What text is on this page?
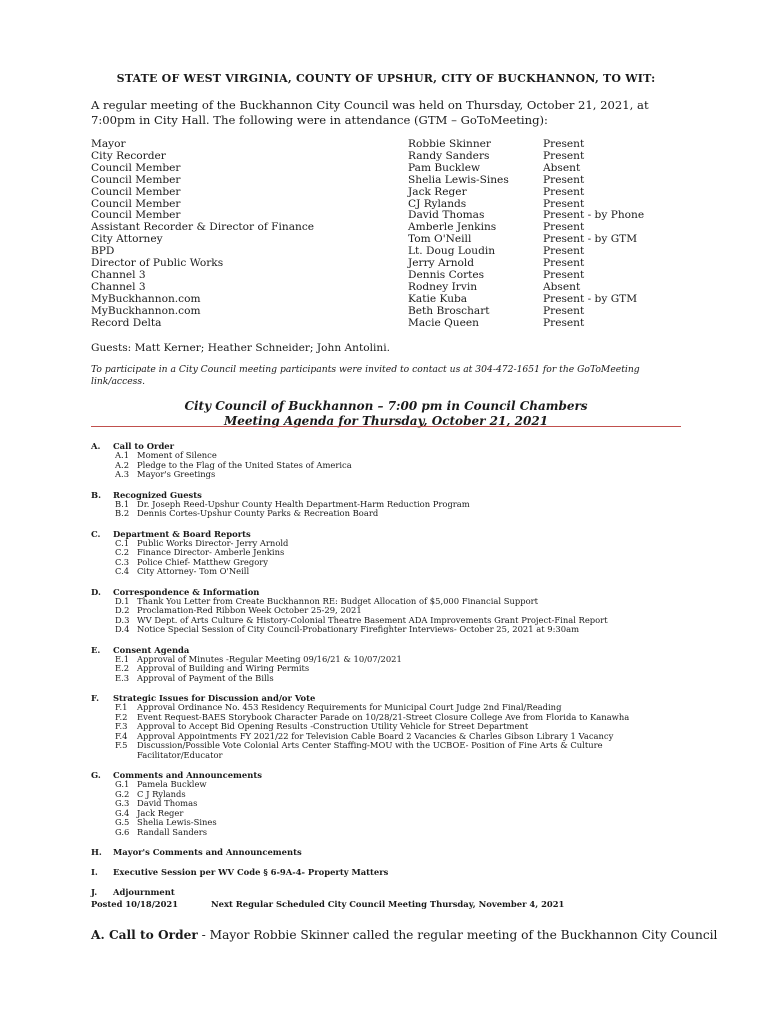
STATE OF WEST VIRGINIA, COUNTY OF UPSHUR, CITY OF BUCKHANNON, TO WIT:
A regular meeting of the Buckhannon City Council was held on Thursday, October 21, 2021, at 7:00pm in City Hall. The following were in attendance (GTM – GoToMeeting):
Mayor
City Recorder
Council Member
Council Member
Council Member
Council Member
Council Member
Assistant Recorder & Director of Finance
City Attorney
BPD
Director of Public Works
Channel 3
Channel 3
MyBuckhannon.com
MyBuckhannon.com
Record Delta
Robbie Skinner
Randy Sanders
Pam Bucklew
Shelia Lewis-Sines
Jack Reger
CJ Rylands
David Thomas
Amberle Jenkins
Tom O'Neill
Lt. Doug Loudin
Jerry Arnold
Dennis Cortes
Rodney Irvin
Katie Kuba
Beth Broschart
Macie Queen
Present
Present
Absent
Present
Present
Present
Present - by Phone
Present
Present - by GTM
Present
Present
Present
Absent
Present - by GTM
Present
Present
Guests: Matt Kerner; Heather Schneider; John Antolini.
To participate in a City Council meeting participants were invited to contact us at 304-472-1651 for the GoToMeeting link/access.
City Council of Buckhannon – 7:00 pm in Council Chambers
Meeting Agenda for Thursday, October 21, 2021
A. Call to Order
A.1 Moment of Silence
A.2 Pledge to the Flag of the United States of America
A.3 Mayor's Greetings
B. Recognized Guests
B.1 Dr. Joseph Reed-Upshur County Health Department-Harm Reduction Program
B.2 Dennis Cortes-Upshur County Parks & Recreation Board
C. Department & Board Reports
C.1 Public Works Director- Jerry Arnold
C.2 Finance Director- Amberle Jenkins
C.3 Police Chief- Matthew Gregory
C.4 City Attorney- Tom O'Neill
D. Correspondence & Information
D.1 Thank You Letter from Create Buckhannon RE: Budget Allocation of $5,000 Financial Support
D.2 Proclamation-Red Ribbon Week October 25-29, 2021
D.3 WV Dept. of Arts Culture & History-Colonial Theatre Basement ADA Improvements Grant Project-Final Report
D.4 Notice Special Session of City Council-Probationary Firefighter Interviews- October 25, 2021 at 9:30am
E. Consent Agenda
E.1 Approval of Minutes -Regular Meeting 09/16/21 & 10/07/2021
E.2 Approval of Building and Wiring Permits
E.3 Approval of Payment of the Bills
F. Strategic Issues for Discussion and/or Vote
F.1 Approval Ordinance No. 453 Residency Requirements for Municipal Court Judge 2nd Final/Reading
F.2 Event Request-BAES Storybook Character Parade on 10/28/21-Street Closure College Ave from Florida to Kanawha
F.3 Approval to Accept Bid Opening Results -Construction Utility Vehicle for Street Department
F.4 Approval Appointments FY 2021/22 for Television Cable Board 2 Vacancies & Charles Gibson Library 1 Vacancy
F.5 Discussion/Possible Vote Colonial Arts Center Staffing-MOU with the UCBOE- Position of Fine Arts & Culture Facilitator/Educator
G. Comments and Announcements
G.1 Pamela Bucklew
G.2 C J Rylands
G.3 David Thomas
G.4 Jack Reger
G.5 Shelia Lewis-Sines
G.6 Randall Sanders
H. Mayor's Comments and Announcements
I. Executive Session per WV Code § 6-9A-4- Property Matters
J. Adjournment
Posted 10/18/2021	Next Regular Scheduled City Council Meeting Thursday, November 4, 2021
A. Call to Order - Mayor Robbie Skinner called the regular meeting of the Buckhannon City Council
